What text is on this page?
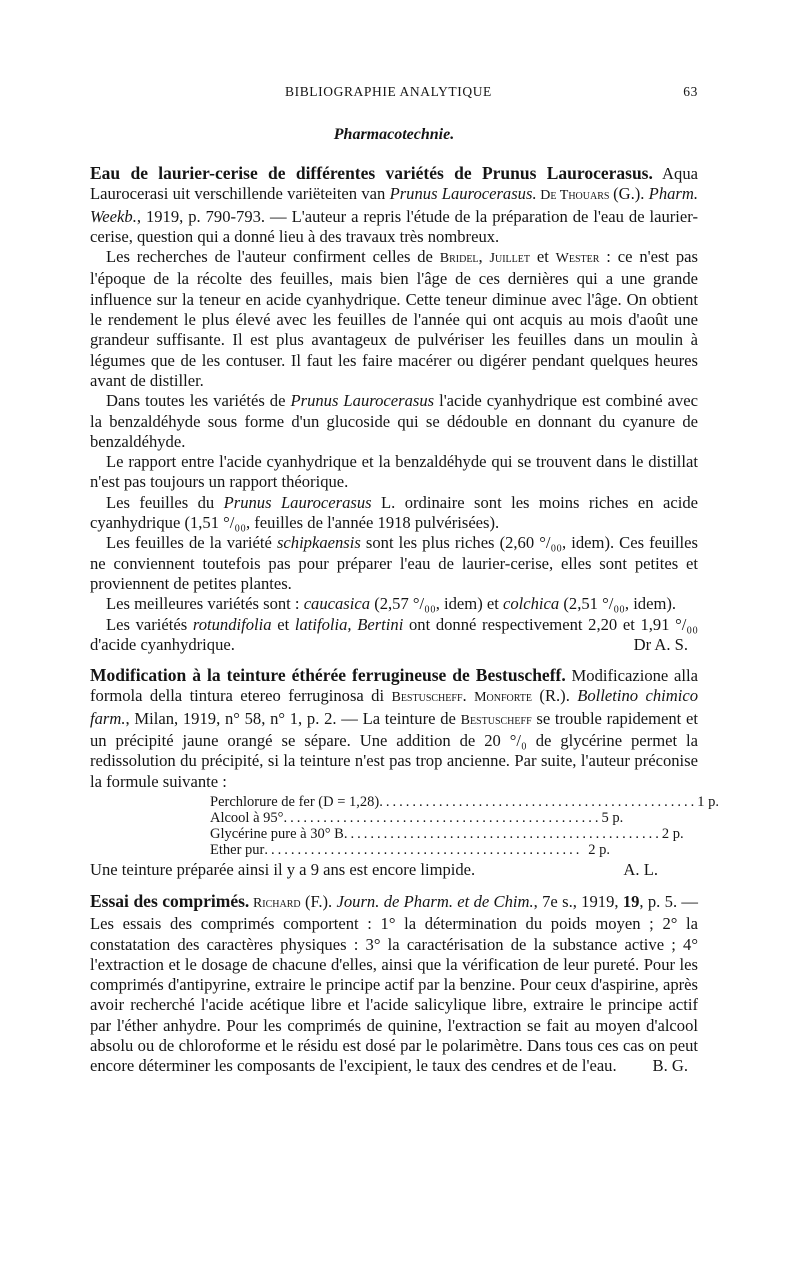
BIBLIOGRAPHIE ANALYTIQUE	63
Pharmacotechnie.

Eau de laurier-cerise de différentes variétés de Prunus Laurocerasus. Aqua Laurocerasi uit verschillende variëteiten van Prunus Laurocerasus. De Thouars (G.). Pharm. Weekb., 1919, p. 790-793. — L'auteur a repris l'étude de la préparation de l'eau de laurier-cerise, question qui a donné lieu à des travaux très nombreux.

Les recherches de l'auteur confirment celles de Bridel, Juillet et Wester : ce n'est pas l'époque de la récolte des feuilles, mais bien l'âge de ces dernières qui a une grande influence sur la teneur en acide cyanhydrique. Cette teneur diminue avec l'âge. On obtient le rendement le plus élevé avec les feuilles de l'année qui ont acquis au mois d'août une grandeur suffisante. Il est plus avantageux de pulvériser les feuilles dans un moulin à légumes que de les contuser. Il faut les faire macérer ou digérer pendant quelques heures avant de distiller.

Dans toutes les variétés de Prunus Laurocerasus l'acide cyanhydrique est combiné avec la benzaldéhyde sous forme d'un glucoside qui se dédouble en donnant du cyanure de benzaldéhyde.

Le rapport entre l'acide cyanhydrique et la benzaldéhyde qui se trouvent dans le distillat n'est pas toujours un rapport théorique.

Les feuilles du Prunus Laurocerasus L. ordinaire sont les moins riches en acide cyanhydrique (1,51 °/₀₀, feuilles de l'année 1918 pulvérisées).

Les feuilles de la variété schipkaensis sont les plus riches (2,60 °/₀₀, idem). Ces feuilles ne conviennent toutefois pas pour préparer l'eau de laurier-cerise, elles sont petites et proviennent de petites plantes.

Les meilleures variétés sont : caucasica (2,57 °/₀₀, idem) et colchica (2,51 °/₀₀, idem).

Les variétés rotundifolia et latifolia, Bertini ont donné respectivement 2,20 et 1,91 °/₀₀ d'acide cyanhydrique.	Dr A. S.

Modification à la teinture éthérée ferrugineuse de Bestuscheff. Modificazione alla formola della tintura etereo ferruginosa di Bestuscheff. Monforte (R.). Bolletino chimico farm., Milan, 1919, n° 58, n° 1, p. 2. — La teinture de Bestuscheff se trouble rapidement et un précipité jaune orangé se sépare. Une addition de 20 °/₀ de glycérine permet la redissolution du précipité, si la teinture n'est pas trop ancienne. Par suite, l'auteur préconise la formule suivante :

Perchlorure de fer (D = 1,28) ................................................ 1 p.
Alcool à 95° ................................................ 5 p.
Glycérine pure à 30° B ................................................ 2 p.
Ether pur ................................................ 2 p.
Une teinture préparée ainsi il y a 9 ans est encore limpide.	A. L.

Essai des comprimés. Richard (F.). Journ. de Pharm. et de Chim., 7e s., 1919, 19, p. 5. — Les essais des comprimés comportent : 1° la détermination du poids moyen ; 2° la constatation des caractères physiques : 3° la caractérisation de la substance active ; 4° l'extraction et le dosage de chacune d'elles, ainsi que la vérification de leur pureté. Pour les comprimés d'antipyrine, extraire le principe actif par la benzine. Pour ceux d'aspirine, après avoir recherché l'acide acétique libre et l'acide salicylique libre, extraire le principe actif par l'éther anhydre. Pour les comprimés de quinine, l'extraction se fait au moyen d'alcool absolu ou de chloroforme et le résidu est dosé par le polarimètre. Dans tous ces cas on peut encore déterminer les composants de l'excipient, le taux des cendres et de l'eau. B. G.
